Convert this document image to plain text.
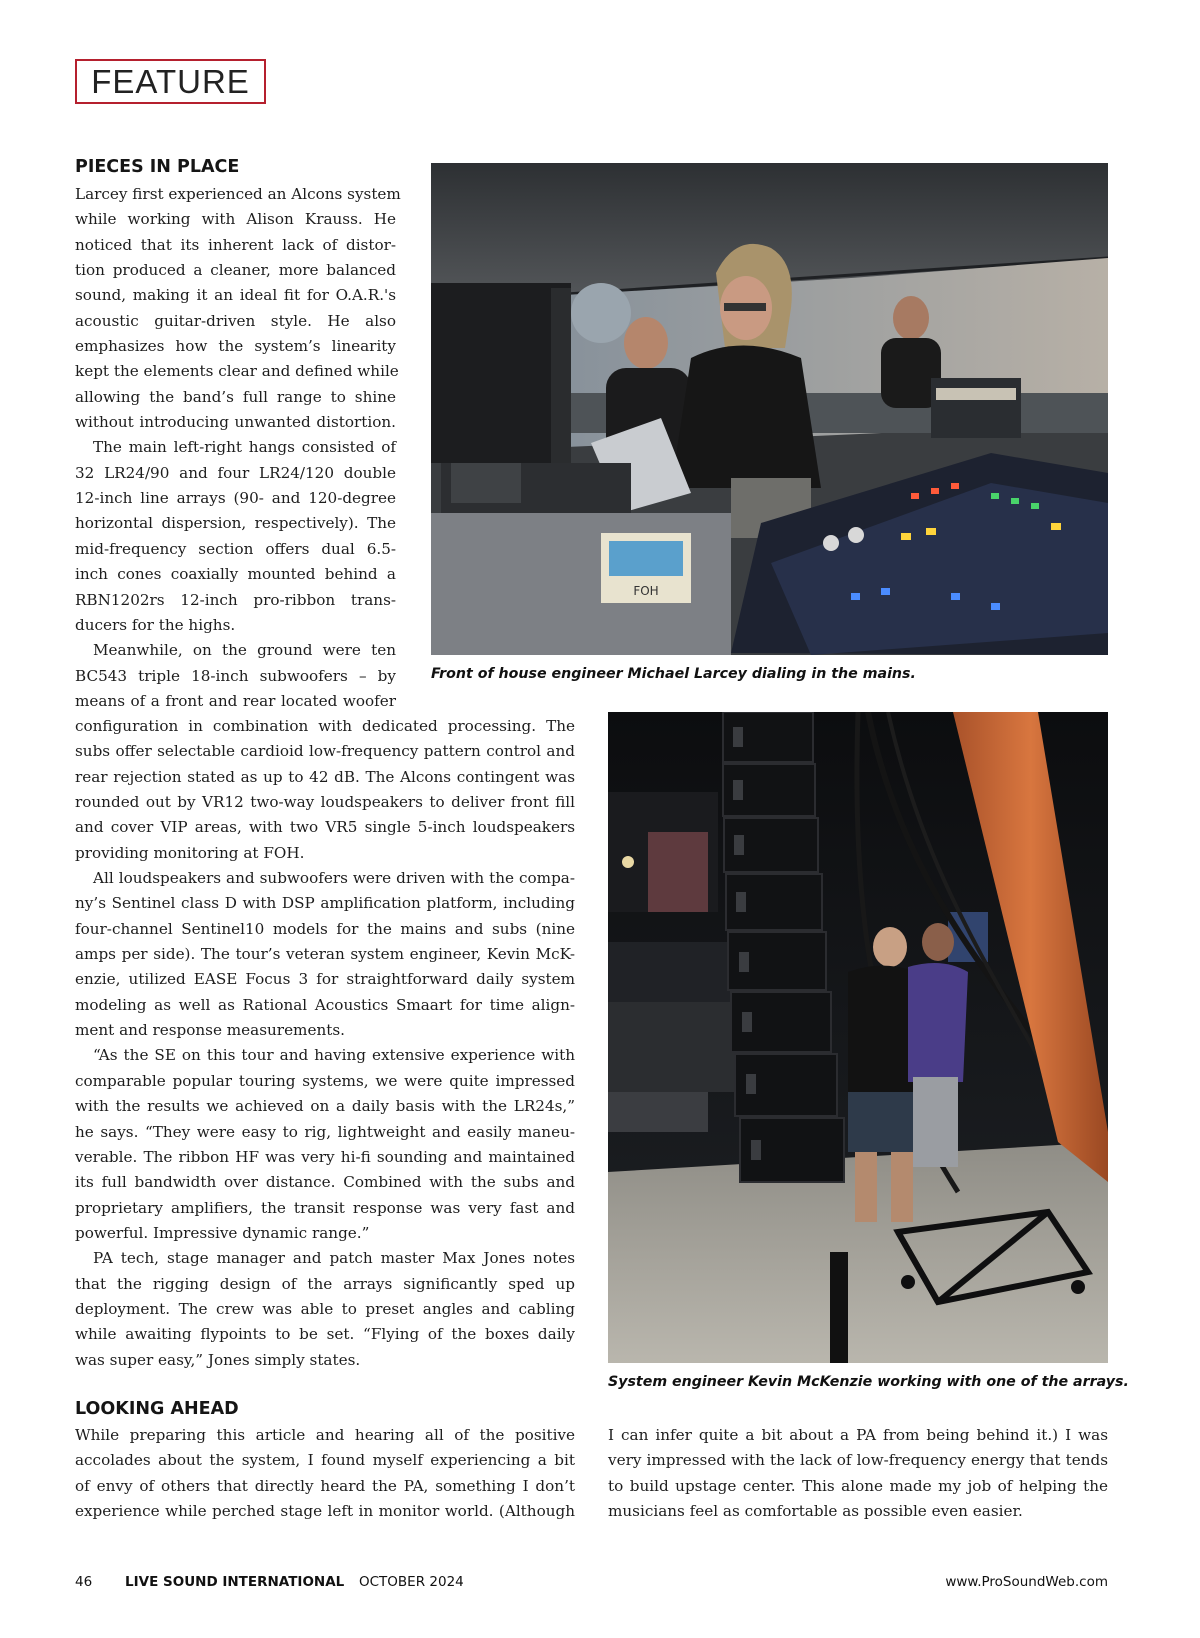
FEATURE
PIECES IN PLACE
Larcey first experienced an Alcons system
while working with Alison Krauss. He
noticed that its inherent lack of distor-
tion produced a cleaner, more balanced
sound, making it an ideal fit for O.A.R.'s
acoustic guitar-driven style. He also
emphasizes how the system’s linearity
kept the elements clear and defined while
allowing the band’s full range to shine
without introducing unwanted distortion.
The main left-right hangs consisted of
32 LR24/90 and four LR24/120 double
12-inch line arrays (90- and 120-degree
horizontal dispersion, respectively). The
mid-frequency section offers dual 6.5-
inch cones coaxially mounted behind a
RBN1202rs 12-inch pro-ribbon trans-
ducers for the highs.
Meanwhile, on the ground were ten
BC543 triple 18-inch subwoofers – by
means of a front and rear located woofer
configuration in combination with dedicated processing. The
subs offer selectable cardioid low-frequency pattern control and
rear rejection stated as up to 42 dB. The Alcons contingent was
rounded out by VR12 two-way loudspeakers to deliver front fill
and cover VIP areas, with two VR5 single 5-inch loudspeakers
providing monitoring at FOH.
All loudspeakers and subwoofers were driven with the compa-
ny’s Sentinel class D with DSP amplification platform, including
four-channel Sentinel10 models for the mains and subs (nine
amps per side). The tour’s veteran system engineer, Kevin McK-
enzie, utilized EASE Focus 3 for straightforward daily system
modeling as well as Rational Acoustics Smaart for time align-
ment and response measurements.
“As the SE on this tour and having extensive experience with
comparable popular touring systems, we were quite impressed
with the results we achieved on a daily basis with the LR24s,”
he says. “They were easy to rig, lightweight and easily maneu-
verable. The ribbon HF was very hi-fi sounding and maintained
its full bandwidth over distance. Combined with the subs and
proprietary amplifiers, the transit response was very fast and
powerful. Impressive dynamic range.”
PA tech, stage manager and patch master Max Jones notes
that the rigging design of the arrays significantly sped up
deployment. The crew was able to preset angles and cabling
while awaiting flypoints to be set. “Flying of the boxes daily
was super easy,” Jones simply states.
FOH
Front of house engineer Michael Larcey dialing in the mains.
System engineer Kevin McKenzie working with one of the arrays.
LOOKING AHEAD
While preparing this article and hearing all of the positive
accolades about the system, I found myself experiencing a bit
of envy of others that directly heard the PA, something I don’t
experience while perched stage left in monitor world. (Although
I can infer quite a bit about a PA from being behind it.) I was
very impressed with the lack of low-frequency energy that tends
to build upstage center. This alone made my job of helping the
musicians feel as comfortable as possible even easier.
46 LIVE SOUND INTERNATIONAL OCTOBER 2024	www.ProSoundWeb.com
